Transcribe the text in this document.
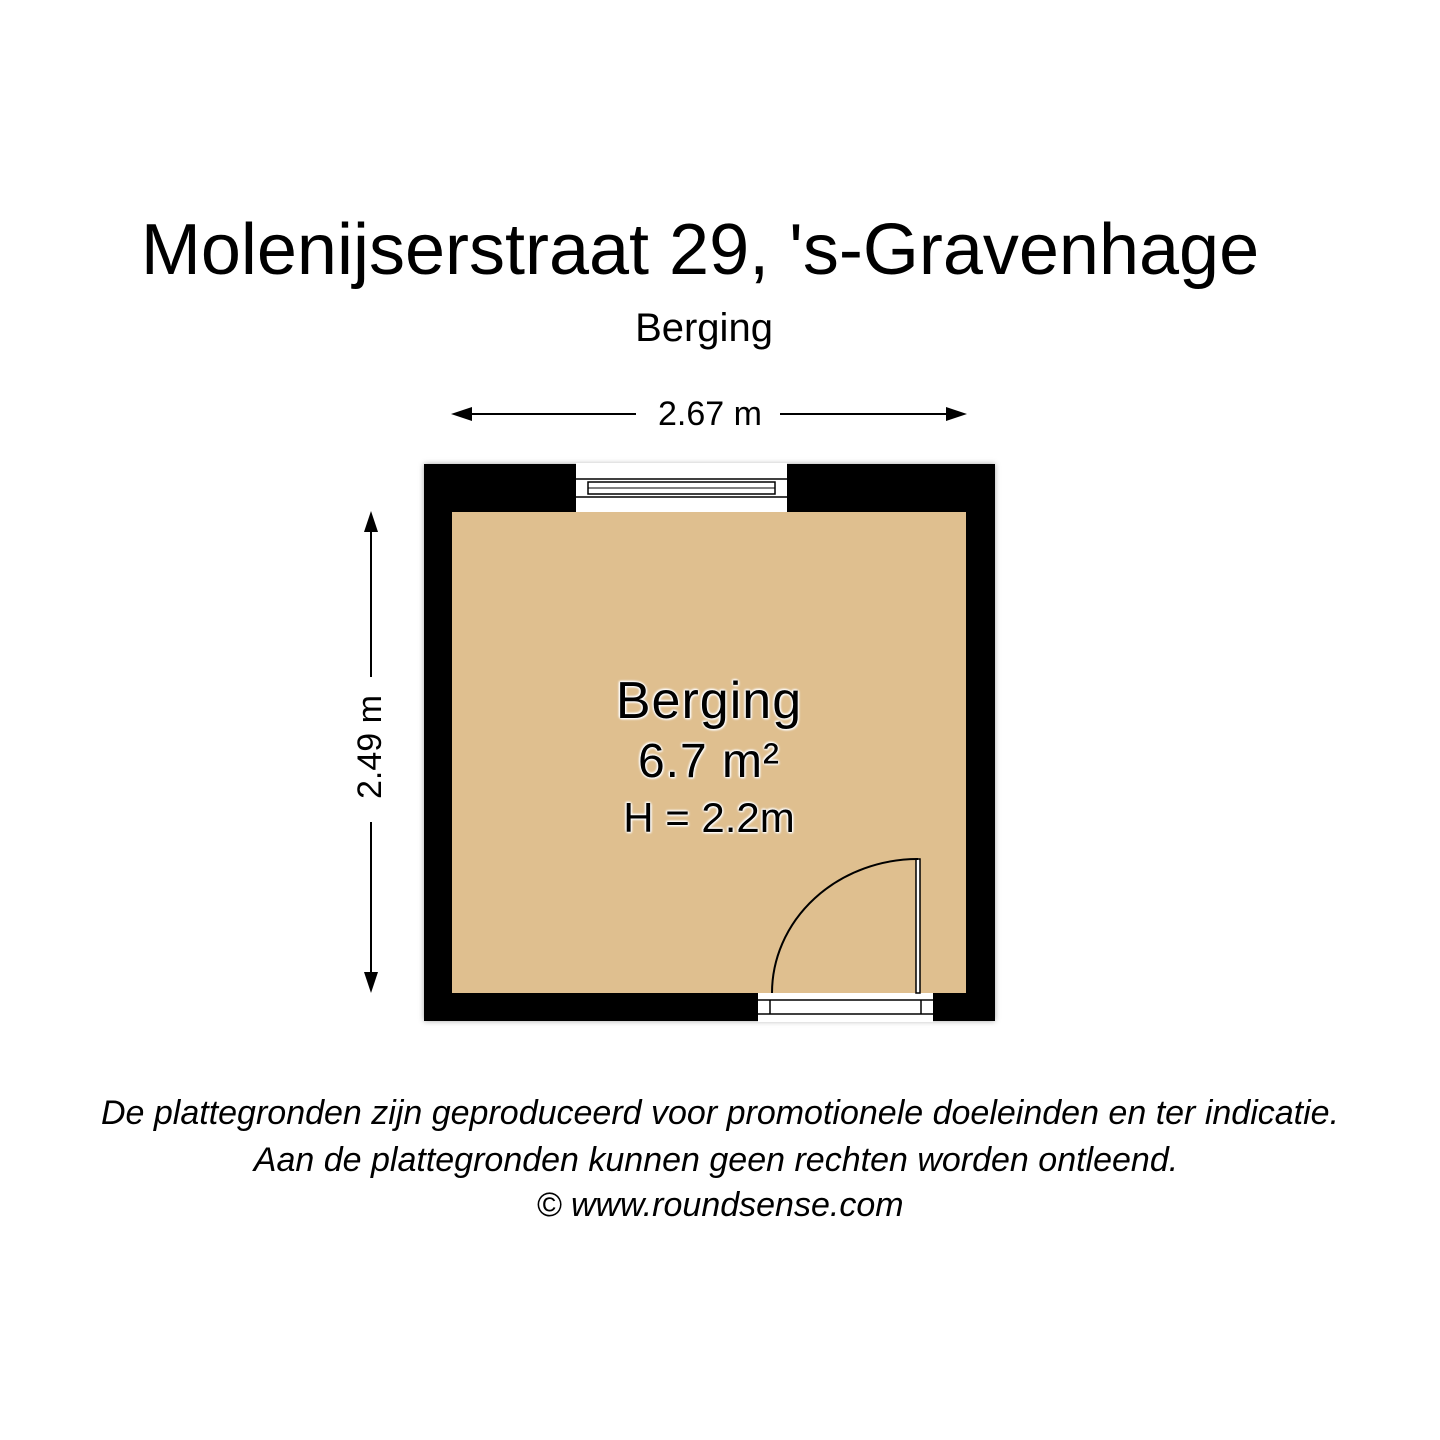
Molenijserstraat 29, 's-Gravenhage
Berging
2.67 m
2.49 m	Berging
6.7 m²
H = 2.2m
De plattegronden zijn geproduceerd voor promotionele doeleinden en ter indicatie.
Aan de plattegronden kunnen geen rechten worden ontleend.
© www.roundsense.com
